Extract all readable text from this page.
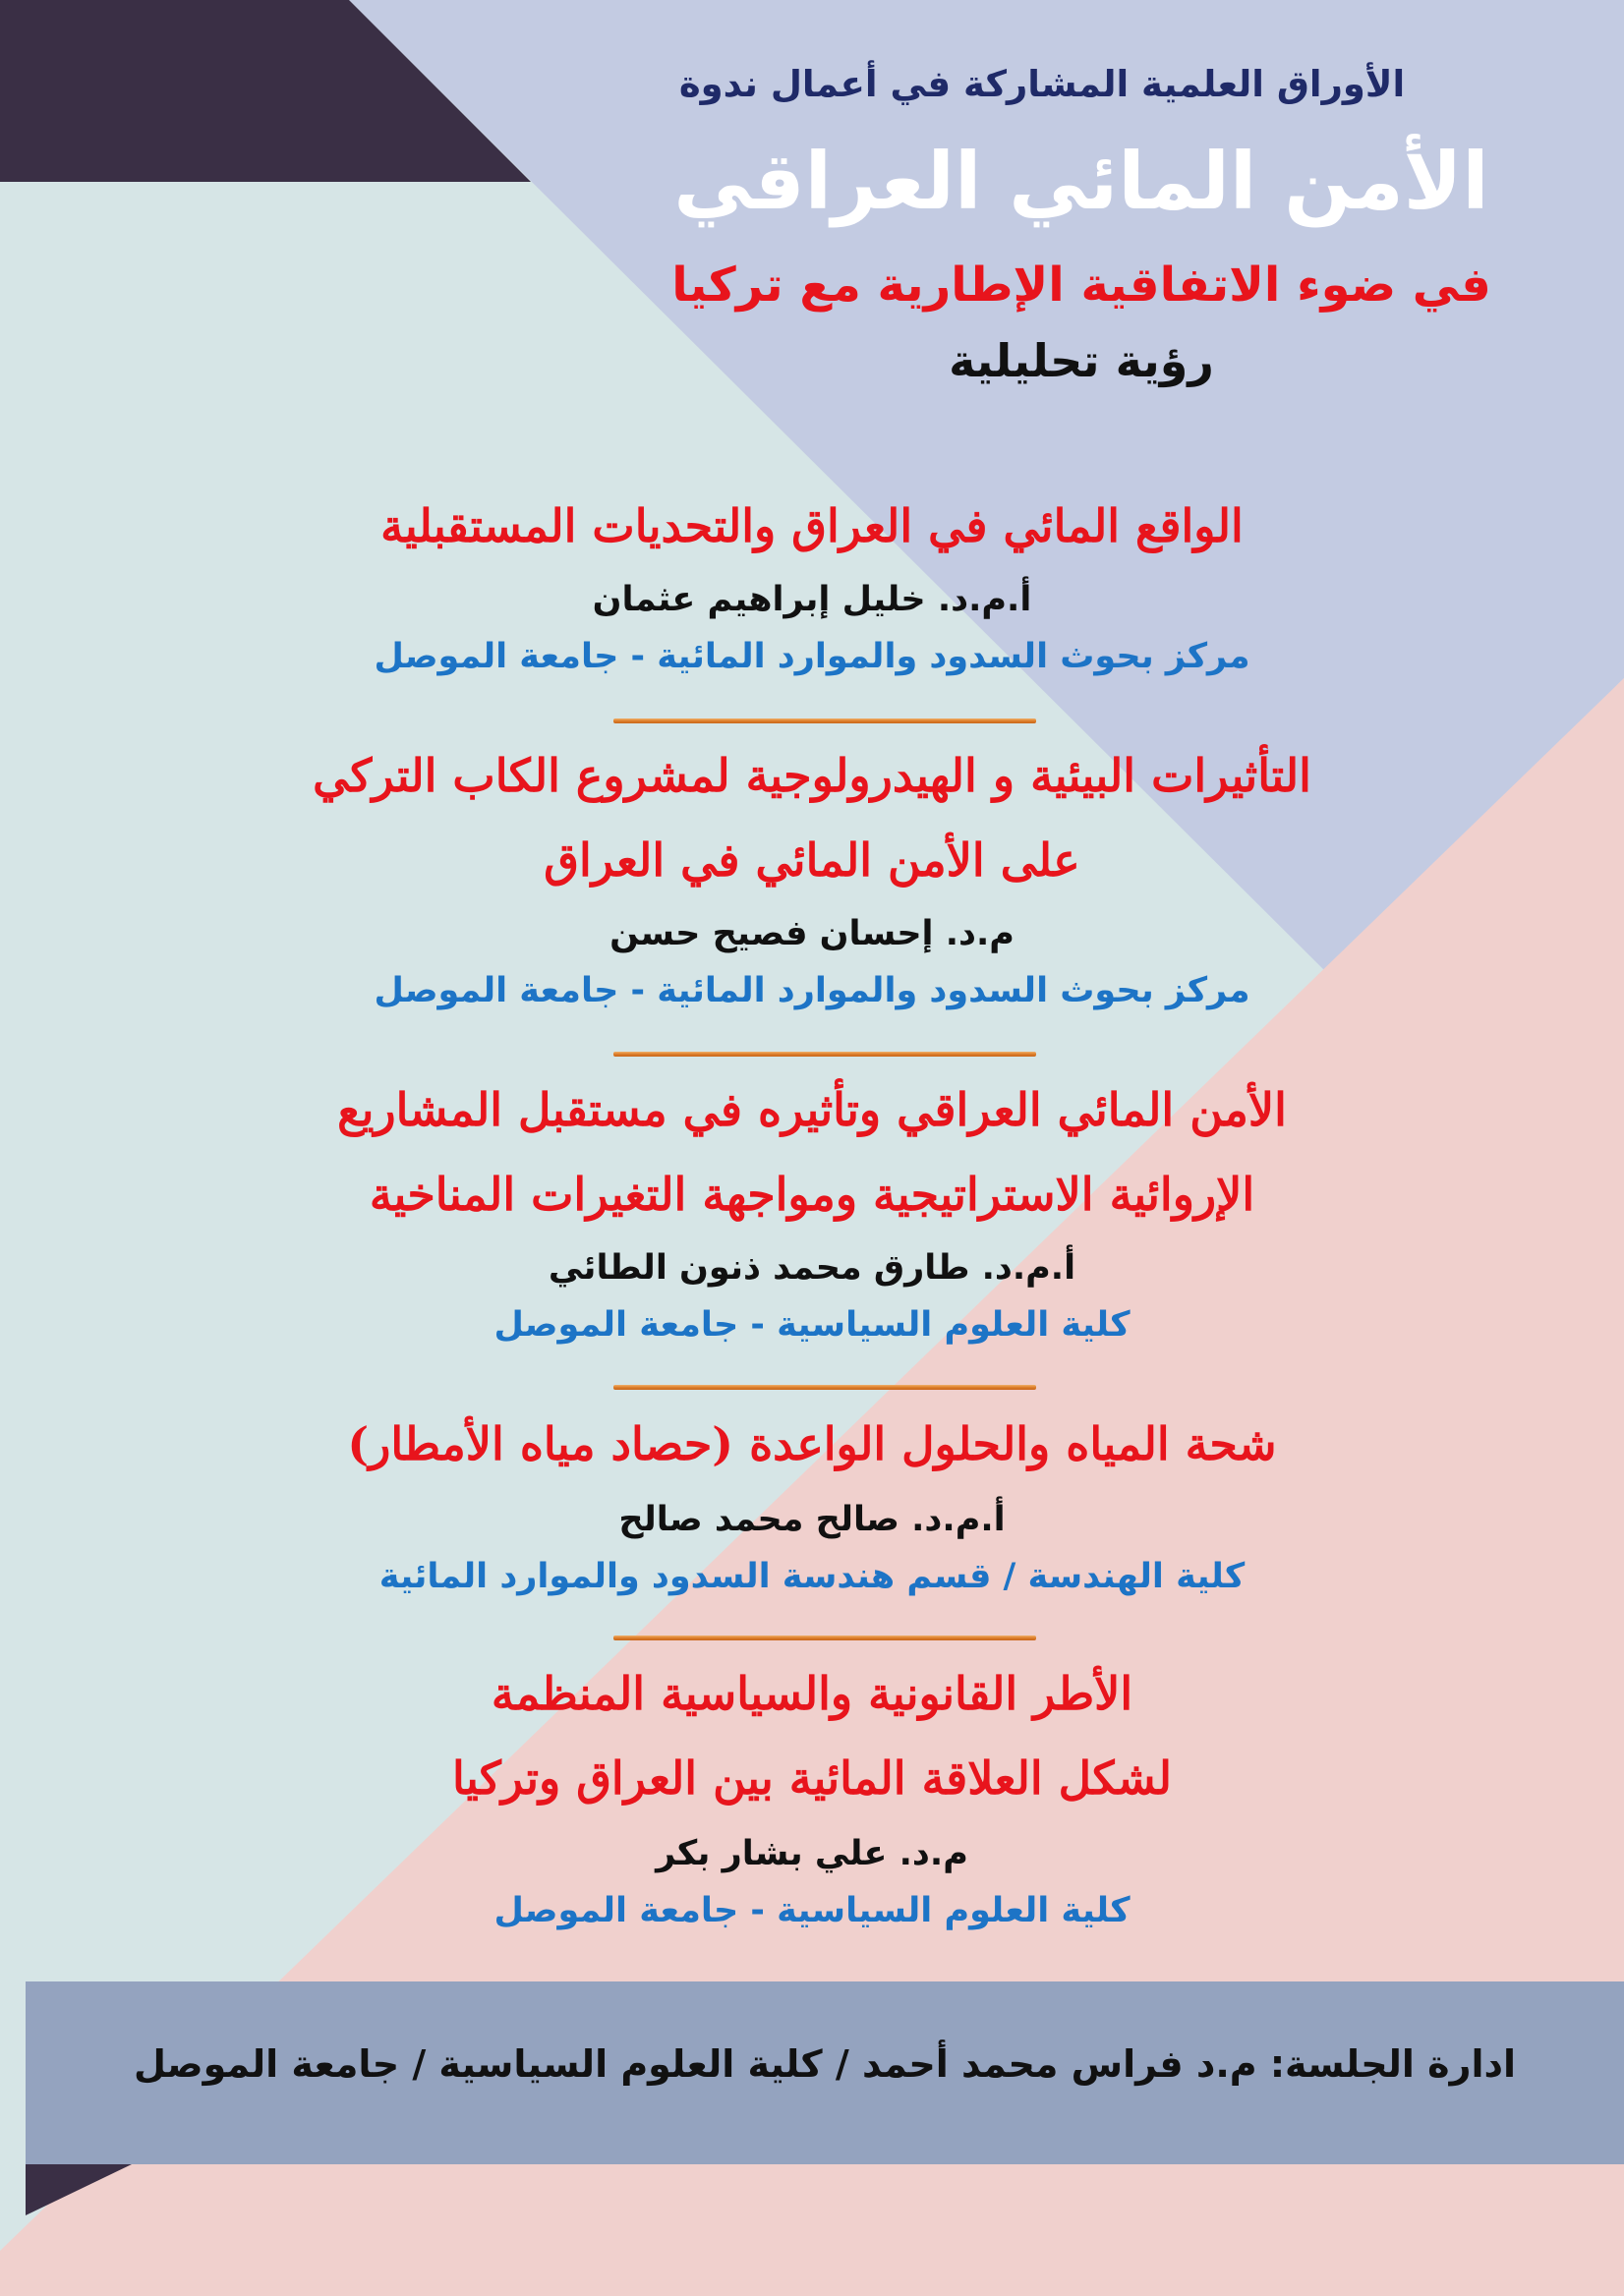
الأوراق العلمية المشاركة في أعمال ندوة
الأمن المائي العراقي
في ضوء الاتفاقية الإطارية مع تركيا
رؤية تحليلية
الواقع المائي في العراق والتحديات المستقبلية
أ.م.د. خليل إبراهيم عثمان
مركز بحوث السدود والموارد المائية - جامعة الموصل
التأثيرات البيئية و الهيدرولوجية لمشروع الكاب التركي
على الأمن المائي في العراق
م.د. إحسان فصيح حسن
مركز بحوث السدود والموارد المائية - جامعة الموصل
الأمن المائي العراقي وتأثيره في مستقبل المشاريع
الإروائية الاستراتيجية ومواجهة التغيرات المناخية
أ.م.د. طارق محمد ذنون الطائي
كلية العلوم السياسية - جامعة الموصل
شحة المياه والحلول الواعدة (حصاد مياه الأمطار)
أ.م.د. صالح محمد صالح
كلية الهندسة / قسم هندسة السدود والموارد المائية
الأطر القانونية والسياسية المنظمة
لشكل العلاقة المائية بين العراق وتركيا
م.د. علي بشار بكر
كلية العلوم السياسية - جامعة الموصل
ادارة الجلسة: م.د فراس محمد أحمد / كلية العلوم السياسية / جامعة الموصل
